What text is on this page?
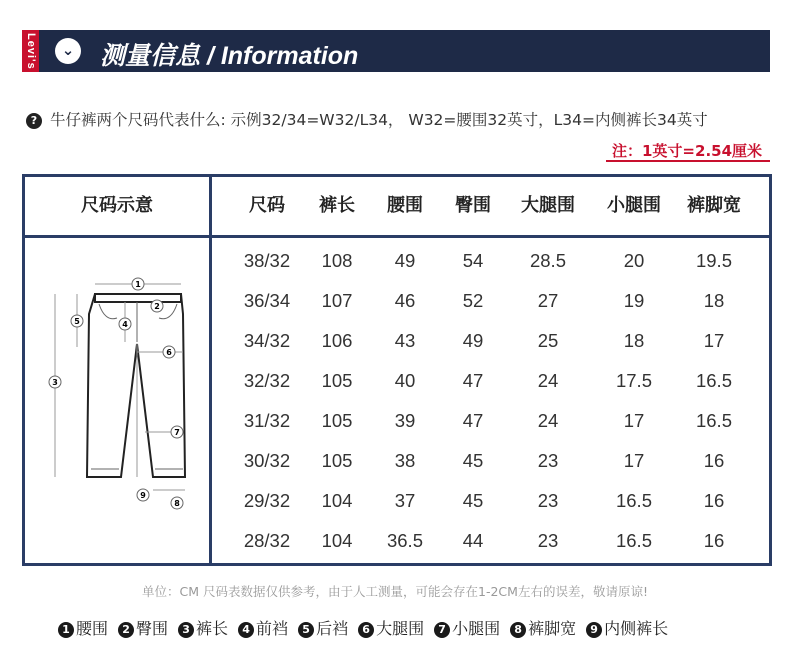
Levi's	⌄ 测量信息 / Information
? 牛仔裤两个尺码代表什么: 示例32/34=W32/L34， W32=腰围32英寸，L34=内侧裤长34英寸
注：1英寸=2.54厘米
尺码示意	尺码	裤长	腰围	臀围	大腿围	小腿围	裤脚宽
38/32	108	49	54	28.5	20	19.5
36/34	107	46	52	27	19	18
34/32	106	43	49	25	18	17
32/32	105	40	47	24	17.5	16.5
31/32	105	39	47	24	17	16.5
30/32	105	38	45	23	17	16
29/32	104	37	45	23	16.5	16
28/32	104	36.5	44	23	16.5	16
1
2
3
4
5
6
7
8
9
单位：CM 尺码表数据仅供参考，由于人工测量，可能会存在1-2CM左右的误差，敬请原谅!
1 腰围 2 臀围 3 裤长 4 前裆 5 后裆 6 大腿围 7 小腿围 8 裤脚宽 9 内侧裤长
